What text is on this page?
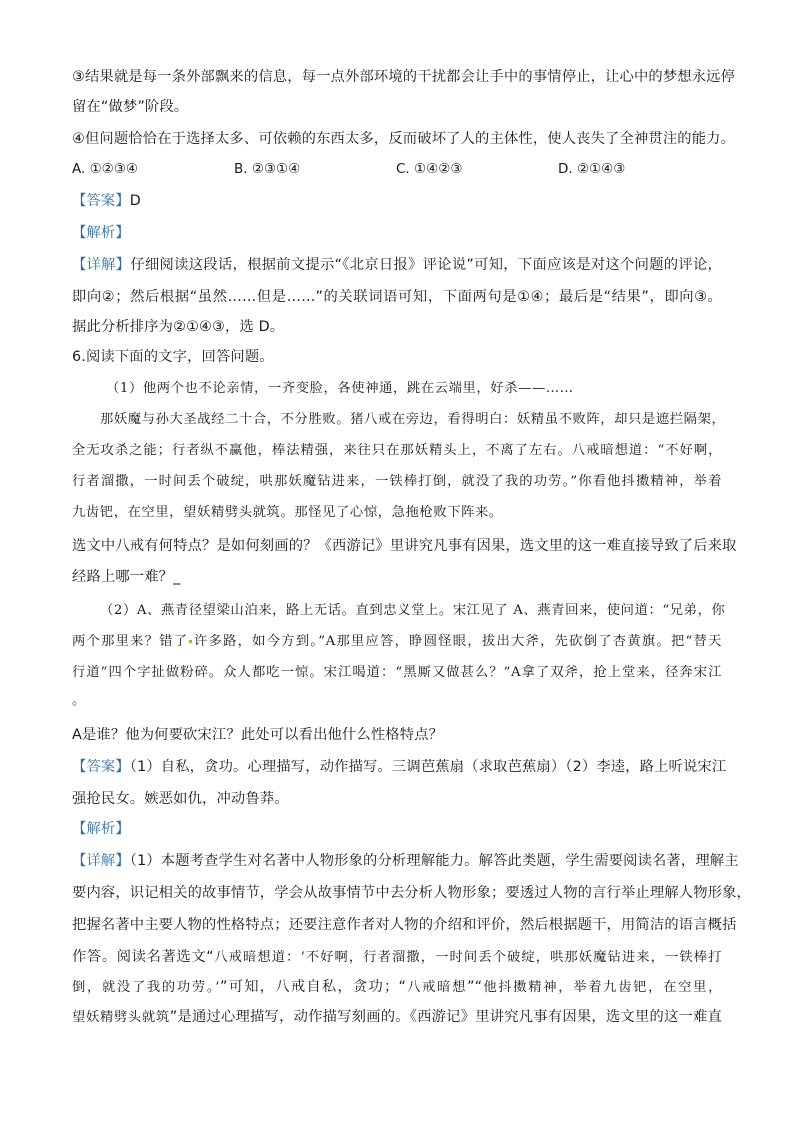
③结果就是每一条外部飘来的信息，每一点外部环境的干扰都会让手中的事情停止，让心中的梦想永远停
留在“做梦”阶段。
④但问题恰恰在于选择太多、可依赖的东西太多，反而破坏了人的主体性，使人丧失了全神贯注的能力。
A. ①②③④	B. ②③①④	C. ①④②③	D. ②①④③
【答案】D
【解析】
【详解】仔细阅读这段话，根据前文提示“《北京日报》评论说”可知，下面应该是对这个问题的评论，
即向②；然后根据“虽然……但是……”的关联词语可知，下面两句是①④；最后是“结果”，即向③。
据此分析排序为②①④③，选 D。
6.阅读下面的文字，回答问题。
（1）他两个也不论亲情，一齐变脸，各使神通，跳在云端里，好杀——……
那妖魔与孙大圣战经二十合，不分胜败。猪八戒在旁边，看得明白：妖精虽不败阵，却只是遮拦隔架，
全无攻杀之能；行者纵不赢他，棒法精强，来往只在那妖精头上，不离了左右。八戒暗想道：“不好啊，
行者溜撒，一时间丢个破绽，哄那妖魔钻进来，一铁棒打倒，就没了我的功劳。”你看他抖擞精神，举着
九齿钯，在空里，望妖精劈头就筑。那怪见了心惊，急拖枪败下阵来。
选文中八戒有何特点？是如何刻画的？《西游记》里讲究凡事有因果，选文里的这一难直接导致了后来取
经路上哪一难？_
（2）A、燕青径望梁山泊来，路上无话。直到忠义堂上。宋江见了 A、燕青回来，使问道：“兄弟，你
两个那里来？错了 许多路，如今方到。”A那里应答，睁圆怪眼，拔出大斧，先砍倒了杏黄旗。把“替天
行道”四个字扯做粉碎。众人都吃一惊。宋江喝道：“黑厮又做甚么？”A拿了双斧，抢上堂来，径奔宋江
。
A是谁？他为何要砍宋江？此处可以看出他什么性格特点？
【答案】（1）自私，贪功。心理描写，动作描写。三调芭蕉扇（求取芭蕉扇）（2）李逵，路上听说宋江
强抢民女。嫉恶如仇，冲动鲁莽。
【解析】
【详解】（1）本题考查学生对名著中人物形象的分析理解能力。解答此类题，学生需要阅读名著，理解主
要内容，识记相关的故事情节，学会从故事情节中去分析人物形象；要透过人物的言行举止理解人物形象，
把握名著中主要人物的性格特点；还要注意作者对人物的介绍和评价，然后根据题干，用简洁的语言概括
作答。阅读名著选文“八戒暗想道：‘不好啊，行者溜撒，一时间丢个破绽，哄那妖魔钻进来，一铁棒打
倒，就没了我的功劳。’”可知，八戒自私，贪功；“八戒暗想”“他抖擞精神，举着九齿钯，在空里，
望妖精劈头就筑”是通过心理描写，动作描写刻画的。《西游记》里讲究凡事有因果，选文里的这一难直
